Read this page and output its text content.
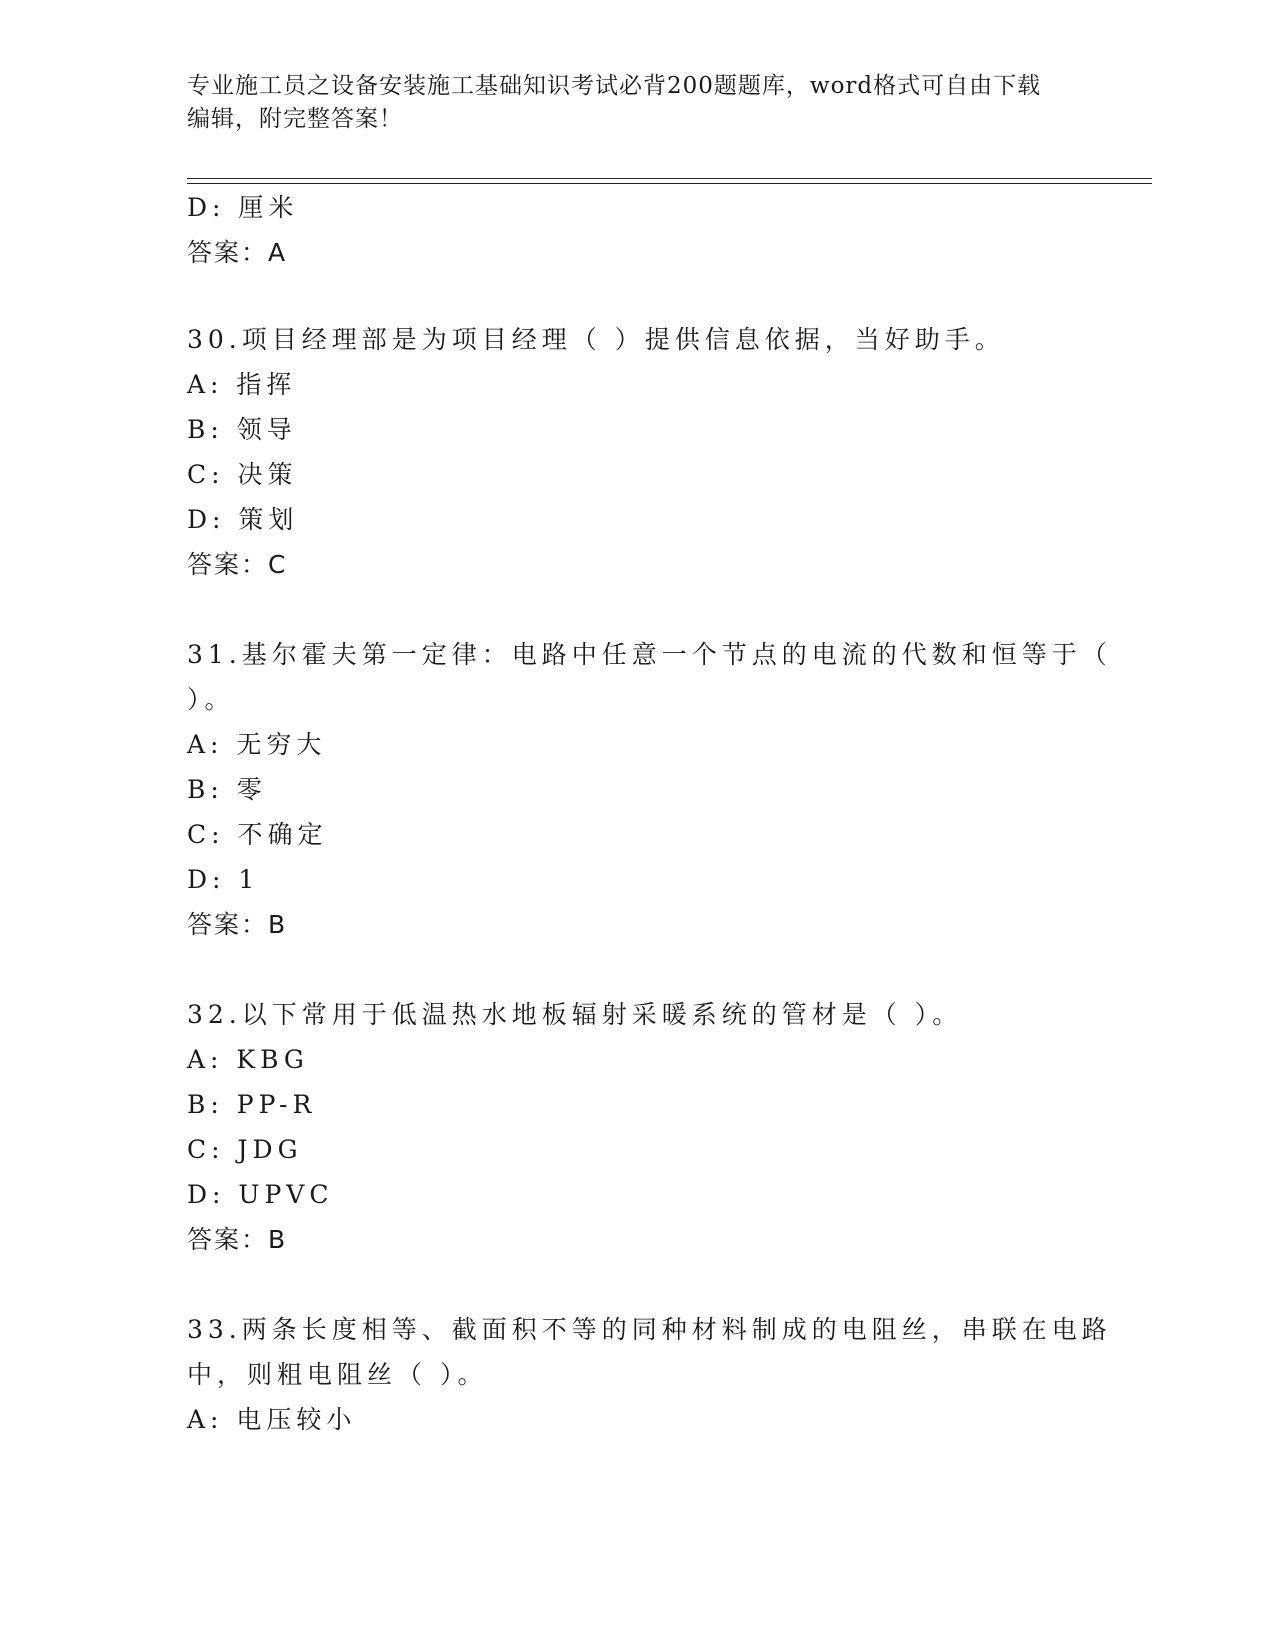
专业施工员之设备安装施工基础知识考试必背200题题库，word格式可自由下载
编辑，附完整答案！
D: 厘米
答案：A
30.项目经理部是为项目经理（ ）提供信息依据，当好助手。
A: 指挥
B: 领导
C: 决策
D: 策划
答案：C
31.基尔霍夫第一定律：电路中任意一个节点的电流的代数和恒等于（
）。
A: 无穷大
B: 零
C: 不确定
D: 1
答案：B
32.以下常用于低温热水地板辐射采暖系统的管材是（ ）。
A: KBG
B: PP-R
C: JDG
D: UPVC
答案：B
33.两条长度相等、截面积不等的同种材料制成的电阻丝，串联在电路
中，则粗电阻丝（ ）。
A: 电压较小
